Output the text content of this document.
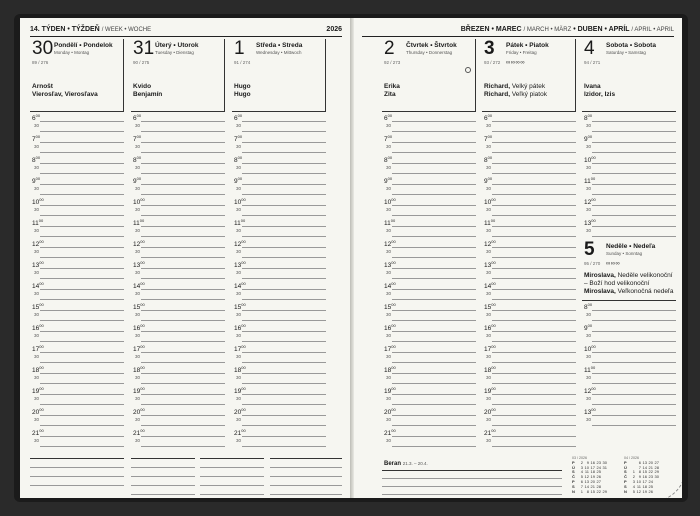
14. TÝDEN • TÝŽDEŇ / WEEK • WOCHE	2026
30 Pondělí • Pondelok
Monday • Montag
89 / 276
Arnošt
Vierosľav, Vierosľava
$6^{00}$
30
$7^{00}$
30
$8^{00}$
30
$9^{00}$
30
$10^{00}$
30
$11^{00}$
30
$12^{00}$
30
$13^{00}$
30
$14^{00}$
30
$15^{00}$
30
$16^{00}$
30
$17^{00}$
30
$18^{00}$
30
$19^{00}$
30
$20^{00}$
30
$21^{00}$
30
31 Úterý • Utorok
Tuesday • Dienstag
90 / 275
Kvido
Benjamín
$6^{00}$
30
$7^{00}$
30
$8^{00}$
30
$9^{00}$
30
$10^{00}$
30
$11^{00}$
30
$12^{00}$
30
$13^{00}$
30
$14^{00}$
30
$15^{00}$
30
$16^{00}$
30
$17^{00}$
30
$18^{00}$
30
$19^{00}$
30
$20^{00}$
30
$21^{00}$
30
1 Středa • Streda
Wednesday • Mittwoch
91 / 274
Hugo
Hugo
$6^{00}$
30
$7^{00}$
30
$8^{00}$
30
$9^{00}$
30
$10^{00}$
30
$11^{00}$
30
$12^{00}$
30
$13^{00}$
30
$14^{00}$
30
$15^{00}$
30
$16^{00}$
30
$17^{00}$
30
$18^{00}$
30
$19^{00}$
30
$20^{00}$
30
$21^{00}$
30
BŘEZEN • MAREC / MARCH • MÄRZ • DUBEN • APRÍL / APRIL • APRIL
2 Čtvrtek • Štvrtok
Thursday • Donnerstag
92 / 273
Erika
Zita
$6^{00}$
30
$7^{00}$
30
$8^{00}$
30
$9^{00}$
30
$10^{00}$
30
$11^{00}$
30
$12^{00}$
30
$13^{00}$
30
$14^{00}$
30
$15^{00}$
30
$16^{00}$
30
$17^{00}$
30
$18^{00}$
30
$19^{00}$
30
$20^{00}$
30
$21^{00}$
30
3 Pátek • Piatok
Friday • Freitag
93 / 272 ∞∞∞∞
Richard, Velký pátek
Richard, Veľký piatok
$6^{00}$
30
$7^{00}$
30
$8^{00}$
30
$9^{00}$
30
$10^{00}$
30
$11^{00}$
30
$12^{00}$
30
$13^{00}$
30
$14^{00}$
30
$15^{00}$
30
$16^{00}$
30
$17^{00}$
30
$18^{00}$
30
$19^{00}$
30
$20^{00}$
30
$21^{00}$
30
4 Sobota • Sobota
Saturday • Samstag
94 / 271
Ivana
Izidor, Izis
$8^{00}$
30
$9^{00}$
30
$10^{00}$
30
$11^{00}$
30
$12^{00}$
30
$13^{00}$
30
5 Neděle • Nedeľa
Sunday • Sonntag
95 / 270 ∞∞∞
Miroslava, Neděle velikonoční
– Boží hod velikonoční
Miroslava, Veľkonočná nedeľa
$8^{00}$
30
$9^{00}$
30
$10^{00}$
30
$11^{00}$
30
$12^{00}$
30
$13^{00}$
30
Beran 21.3. – 20.4.
03 / 2026
P	2 9 16 23 30
Ú	3 10 17 24 31
S	4 11 18 25
Č	5 12 19 26
P	6 13 20 27
S	7 14 21 28
N	1 8 15 22 29
04 / 2026
P	6 13 20 27
Ú	7 14 21 28
S	1 8 15 22 29
Č	2 9 16 23 30
P	3 10 17 24
S	4 11 18 25
N	5 12 19 26
